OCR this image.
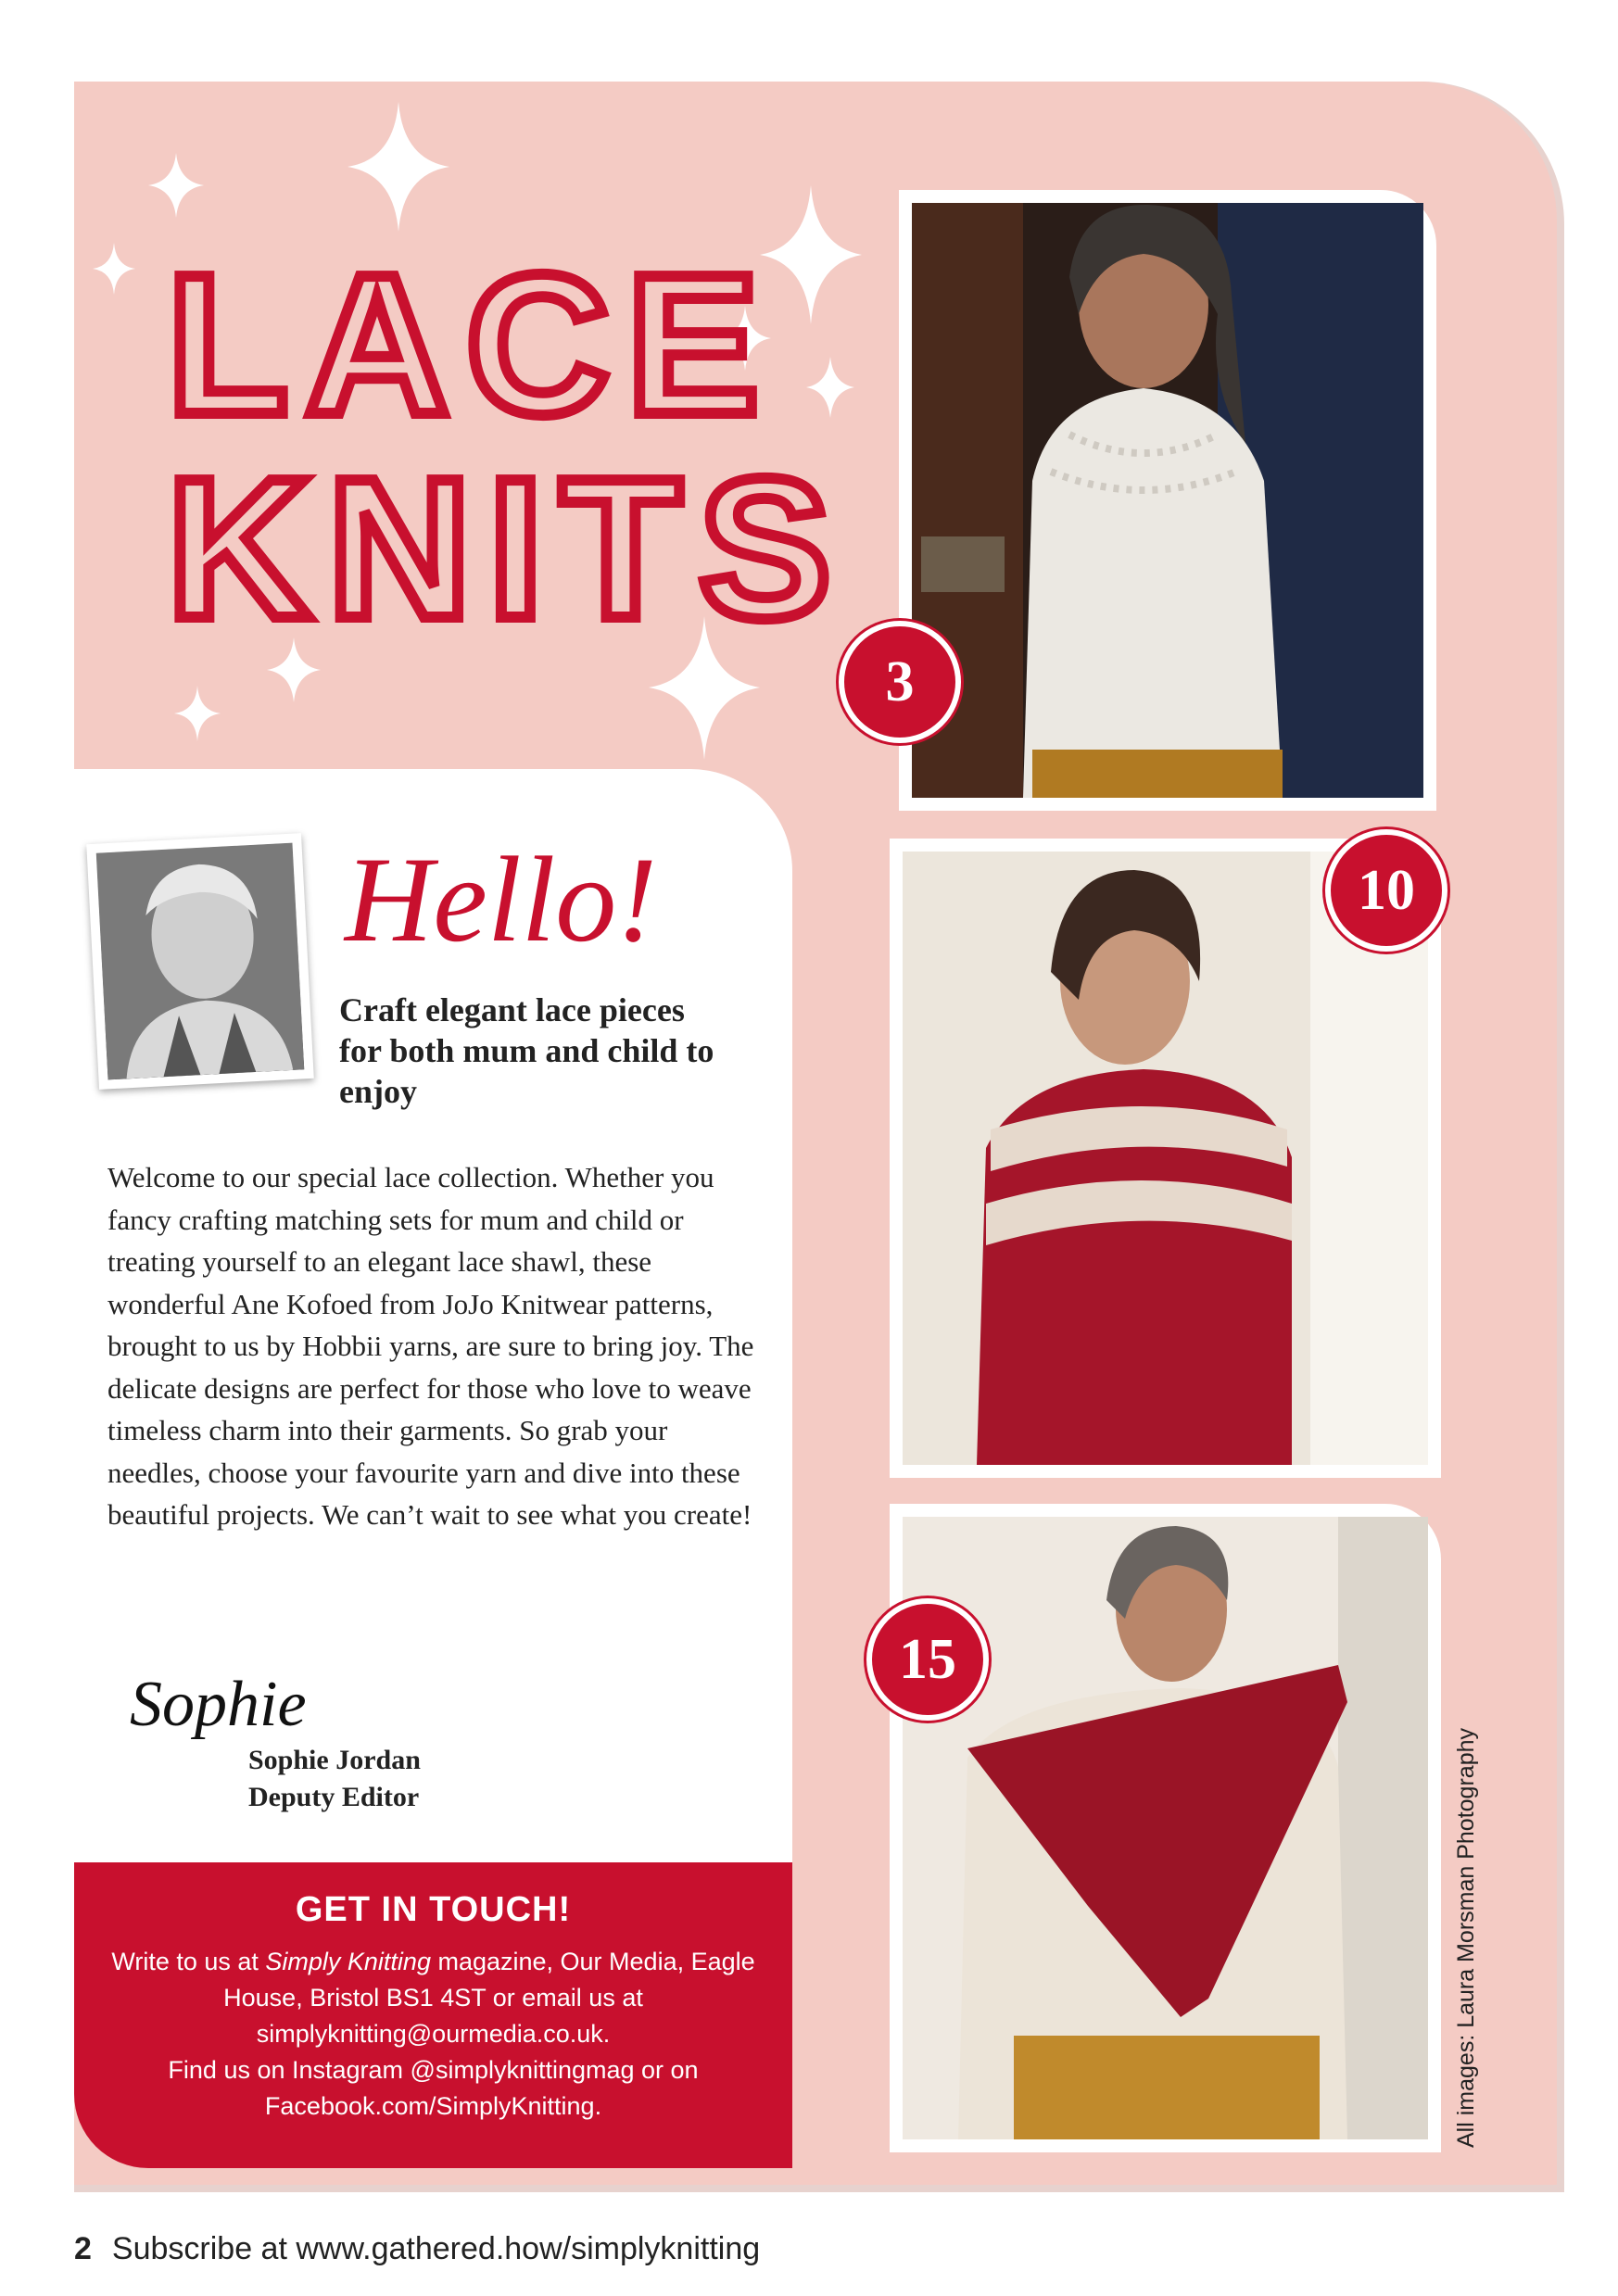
LACE
KNITS
Hello!
Craft elegant lace pieces for both mum and child to enjoy
Welcome to our special lace collection. Whether you fancy crafting matching sets for mum and child or treating yourself to an elegant lace shawl, these wonderful Ane Kofoed from JoJo Knitwear patterns, brought to us by Hobbii yarns, are sure to bring joy. The delicate designs are perfect for those who love to weave timeless charm into their garments. So grab your needles, choose your favourite yarn and dive into these beautiful projects. We can’t wait to see what you create!
Sophie
Sophie Jordan
Deputy Editor
GET IN TOUCH!
Write to us at Simply Knitting magazine, Our Media, Eagle House, Bristol BS1 4ST or email us at simplyknitting@ourmedia.co.uk.
Find us on Instagram @simplyknittingmag or on Facebook.com/SimplyKnitting.
3
10
15
All images: Laura Morsman Photography
2 Subscribe at www.gathered.how/simplyknitting
